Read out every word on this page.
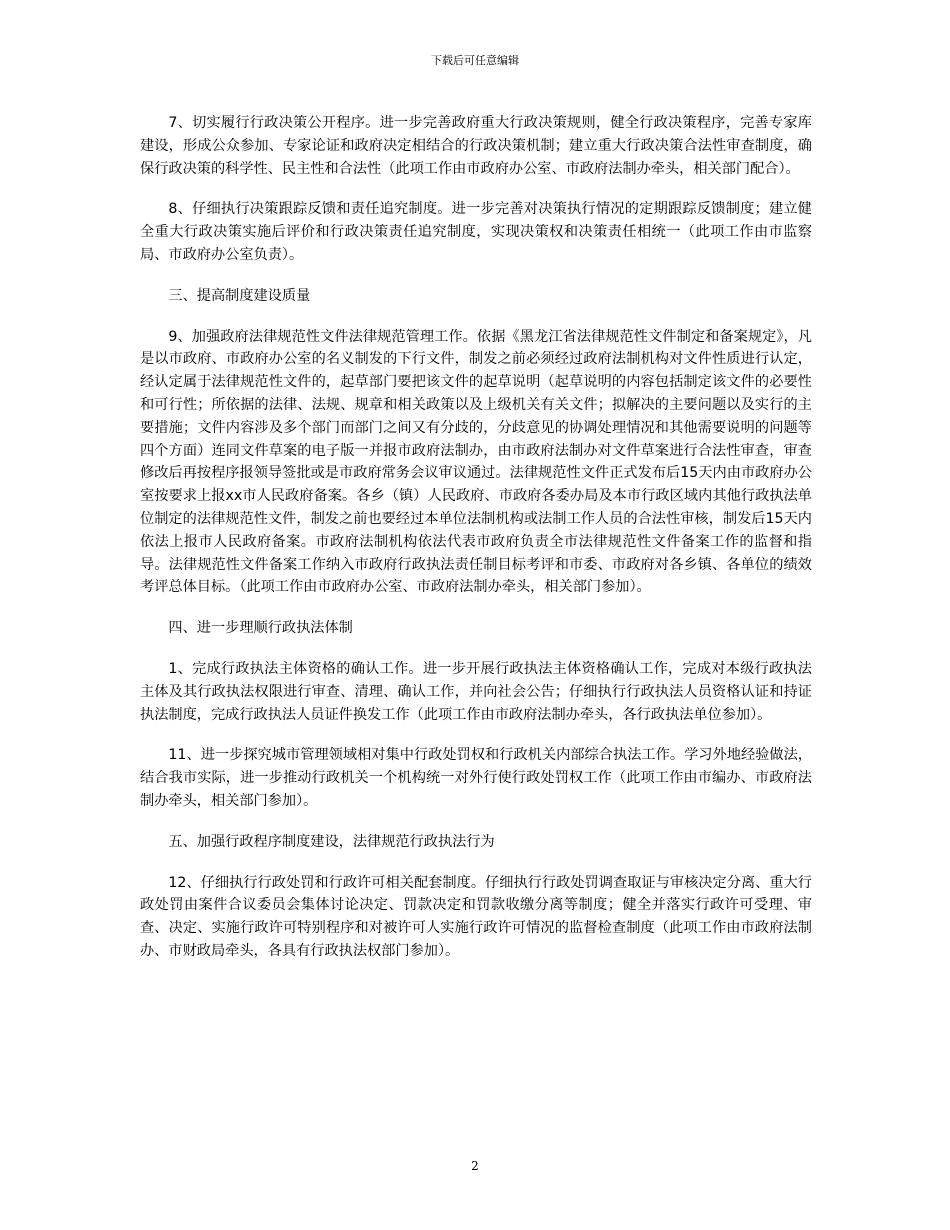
下载后可任意编辑

7、切实履行行政决策公开程序。进一步完善政府重大行政决策规则，健全行政决策程序，完善专家库建设，形成公众参加、专家论证和政府决定相结合的行政决策机制；建立重大行政决策合法性审查制度，确保行政决策的科学性、民主性和合法性（此项工作由市政府办公室、市政府法制办牵头，相关部门配合）。

8、仔细执行决策跟踪反馈和责任追究制度。进一步完善对决策执行情况的定期跟踪反馈制度；建立健全重大行政决策实施后评价和行政决策责任追究制度，实现决策权和决策责任相统一（此项工作由市监察局、市政府办公室负责）。

三、提高制度建设质量

9、加强政府法律规范性文件法律规范管理工作。依据《黑龙江省法律规范性文件制定和备案规定》，凡是以市政府、市政府办公室的名义制发的下行文件，制发之前必须经过政府法制机构对文件性质进行认定，经认定属于法律规范性文件的，起草部门要把该文件的起草说明（起草说明的内容包括制定该文件的必要性和可行性；所依据的法律、法规、规章和相关政策以及上级机关有关文件；拟解决的主要问题以及实行的主要措施；文件内容涉及多个部门而部门之间又有分歧的，分歧意见的协调处理情况和其他需要说明的问题等四个方面）连同文件草案的电子版一并报市政府法制办，由市政府法制办对文件草案进行合法性审查，审查修改后再按程序报领导签批或是市政府常务会议审议通过。法律规范性文件正式发布后15天内由市政府办公室按要求上报xx市人民政府备案。各乡（镇）人民政府、市政府各委办局及本市行政区域内其他行政执法单位制定的法律规范性文件，制发之前也要经过本单位法制机构或法制工作人员的合法性审核，制发后15天内依法上报市人民政府备案。市政府法制机构依法代表市政府负责全市法律规范性文件备案工作的监督和指导。法律规范性文件备案工作纳入市政府行政执法责任制目标考评和市委、市政府对各乡镇、各单位的绩效考评总体目标。（此项工作由市政府办公室、市政府法制办牵头，相关部门参加）。

四、进一步理顺行政执法体制

1、完成行政执法主体资格的确认工作。进一步开展行政执法主体资格确认工作，完成对本级行政执法主体及其行政执法权限进行审查、清理、确认工作，并向社会公告；仔细执行行政执法人员资格认证和持证执法制度，完成行政执法人员证件换发工作（此项工作由市政府法制办牵头，各行政执法单位参加）。

11、进一步探究城市管理领域相对集中行政处罚权和行政机关内部综合执法工作。学习外地经验做法，结合我市实际，进一步推动行政机关一个机构统一对外行使行政处罚权工作（此项工作由市编办、市政府法制办牵头，相关部门参加）。

五、加强行政程序制度建设，法律规范行政执法行为

12、仔细执行行政处罚和行政许可相关配套制度。仔细执行行政处罚调查取证与审核决定分离、重大行政处罚由案件合议委员会集体讨论决定、罚款决定和罚款收缴分离等制度；健全并落实行政许可受理、审查、决定、实施行政许可特别程序和对被许可人实施行政许可情况的监督检查制度（此项工作由市政府法制办、市财政局牵头，各具有行政执法权部门参加）。

2
